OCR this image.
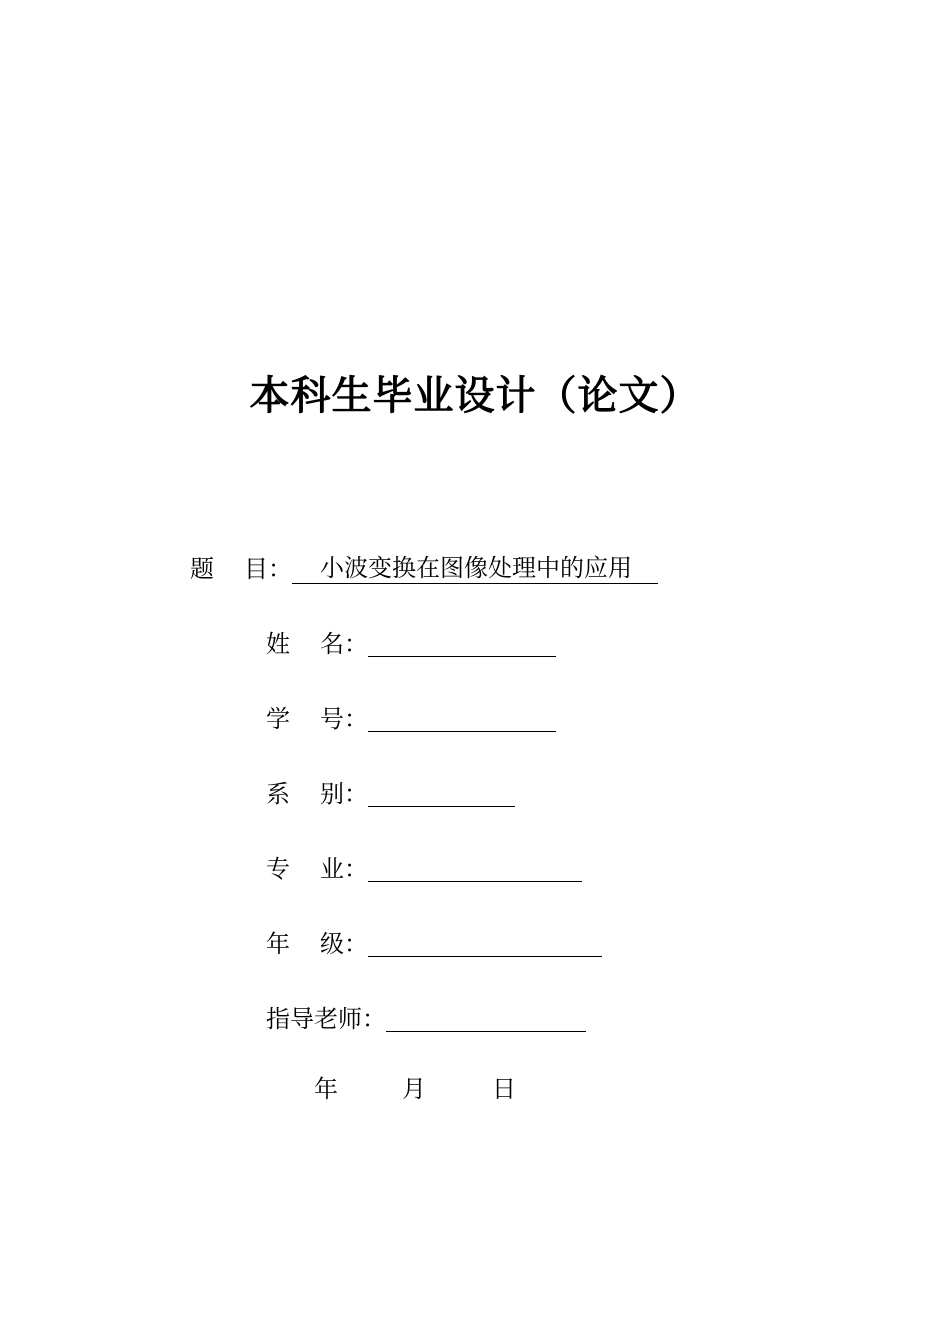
本科生毕业设计（论文）
题 目 ：	小波变换在图像处理中的应用
姓 名 ：
学 号 ：
系 别 ：
专 业 ：
年 级 ：
指导老师 ：
年	月	日
